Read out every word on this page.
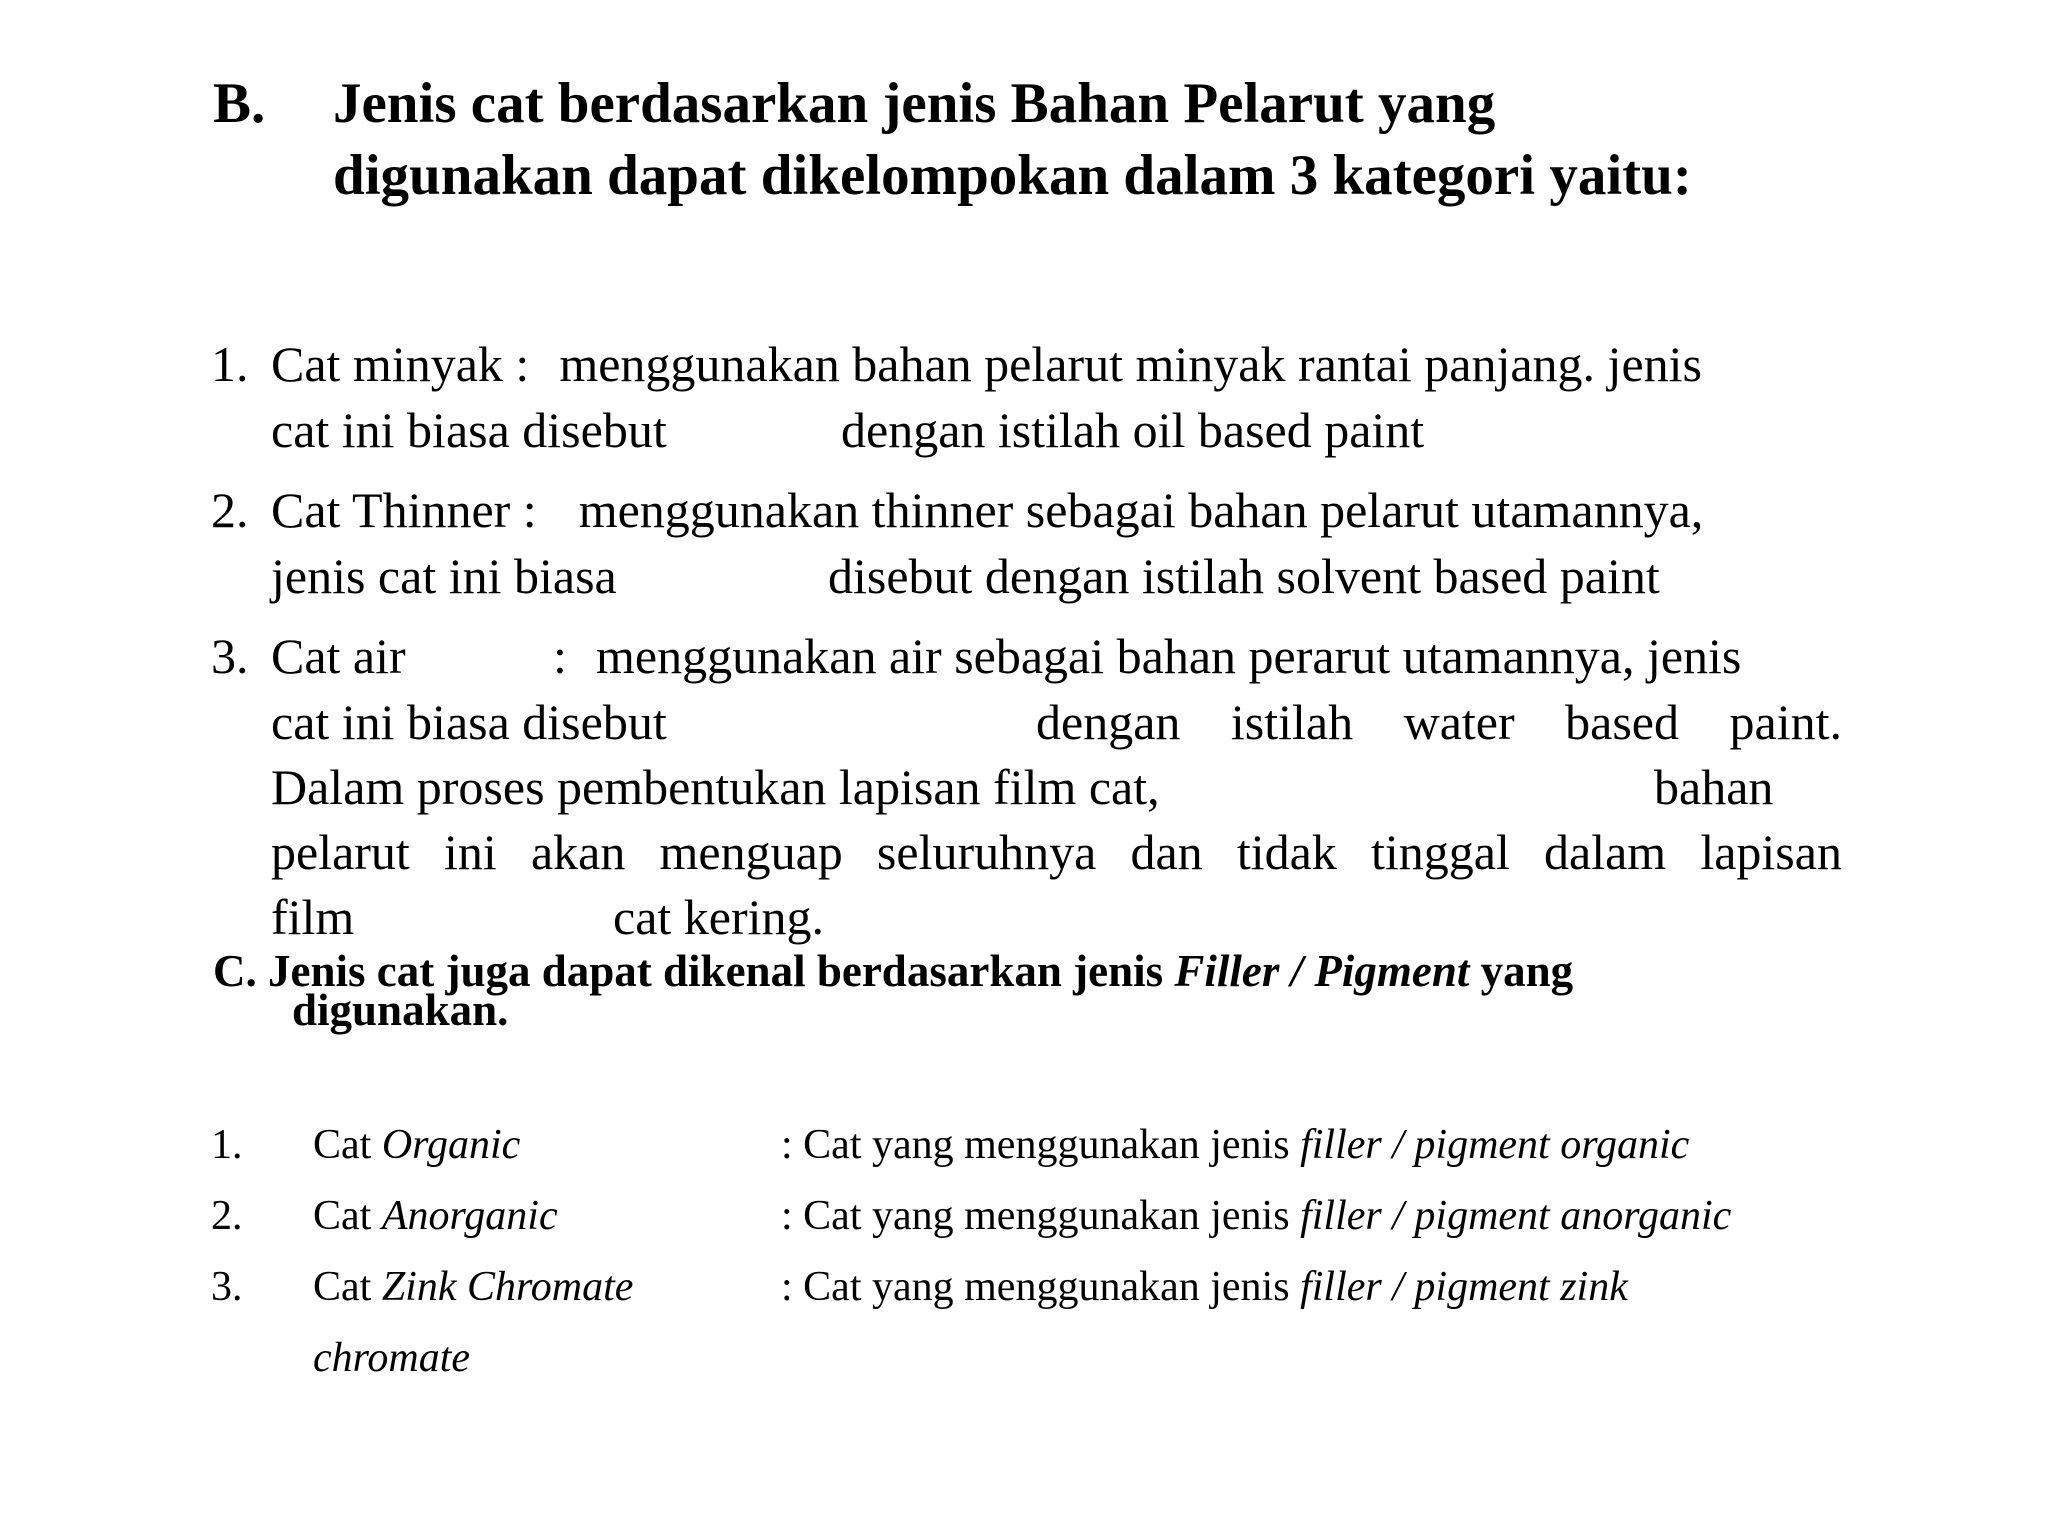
B. Jenis cat berdasarkan jenis Bahan Pelarut yang
digunakan dapat dikelompokan dalam 3 kategori yaitu:
1. Cat minyak : menggunakan bahan pelarut minyak rantai panjang. jenis
cat ini biasa disebut	dengan istilah oil based paint
2. Cat Thinner : menggunakan thinner sebagai bahan pelarut utamannya,
jenis cat ini biasa	disebut dengan istilah solvent based paint
3. Cat air	: menggunakan air sebagai bahan perarut utamannya, jenis
cat ini biasa disebut	dengan istilah water based paint.
Dalam proses pembentukan lapisan film cat,	bahan
pelarut ini akan menguap seluruhnya dan tidak tinggal dalam lapisan
film	cat kering.
C. Jenis cat juga dapat dikenal berdasarkan jenis Filler / Pigment yang
digunakan.
1. Cat Organic	: Cat yang menggunakan jenis filler / pigment organic
2. Cat Anorganic	: Cat yang menggunakan jenis filler / pigment anorganic
3. Cat Zink Chromate	: Cat yang menggunakan jenis filler / pigment zink
chromate
